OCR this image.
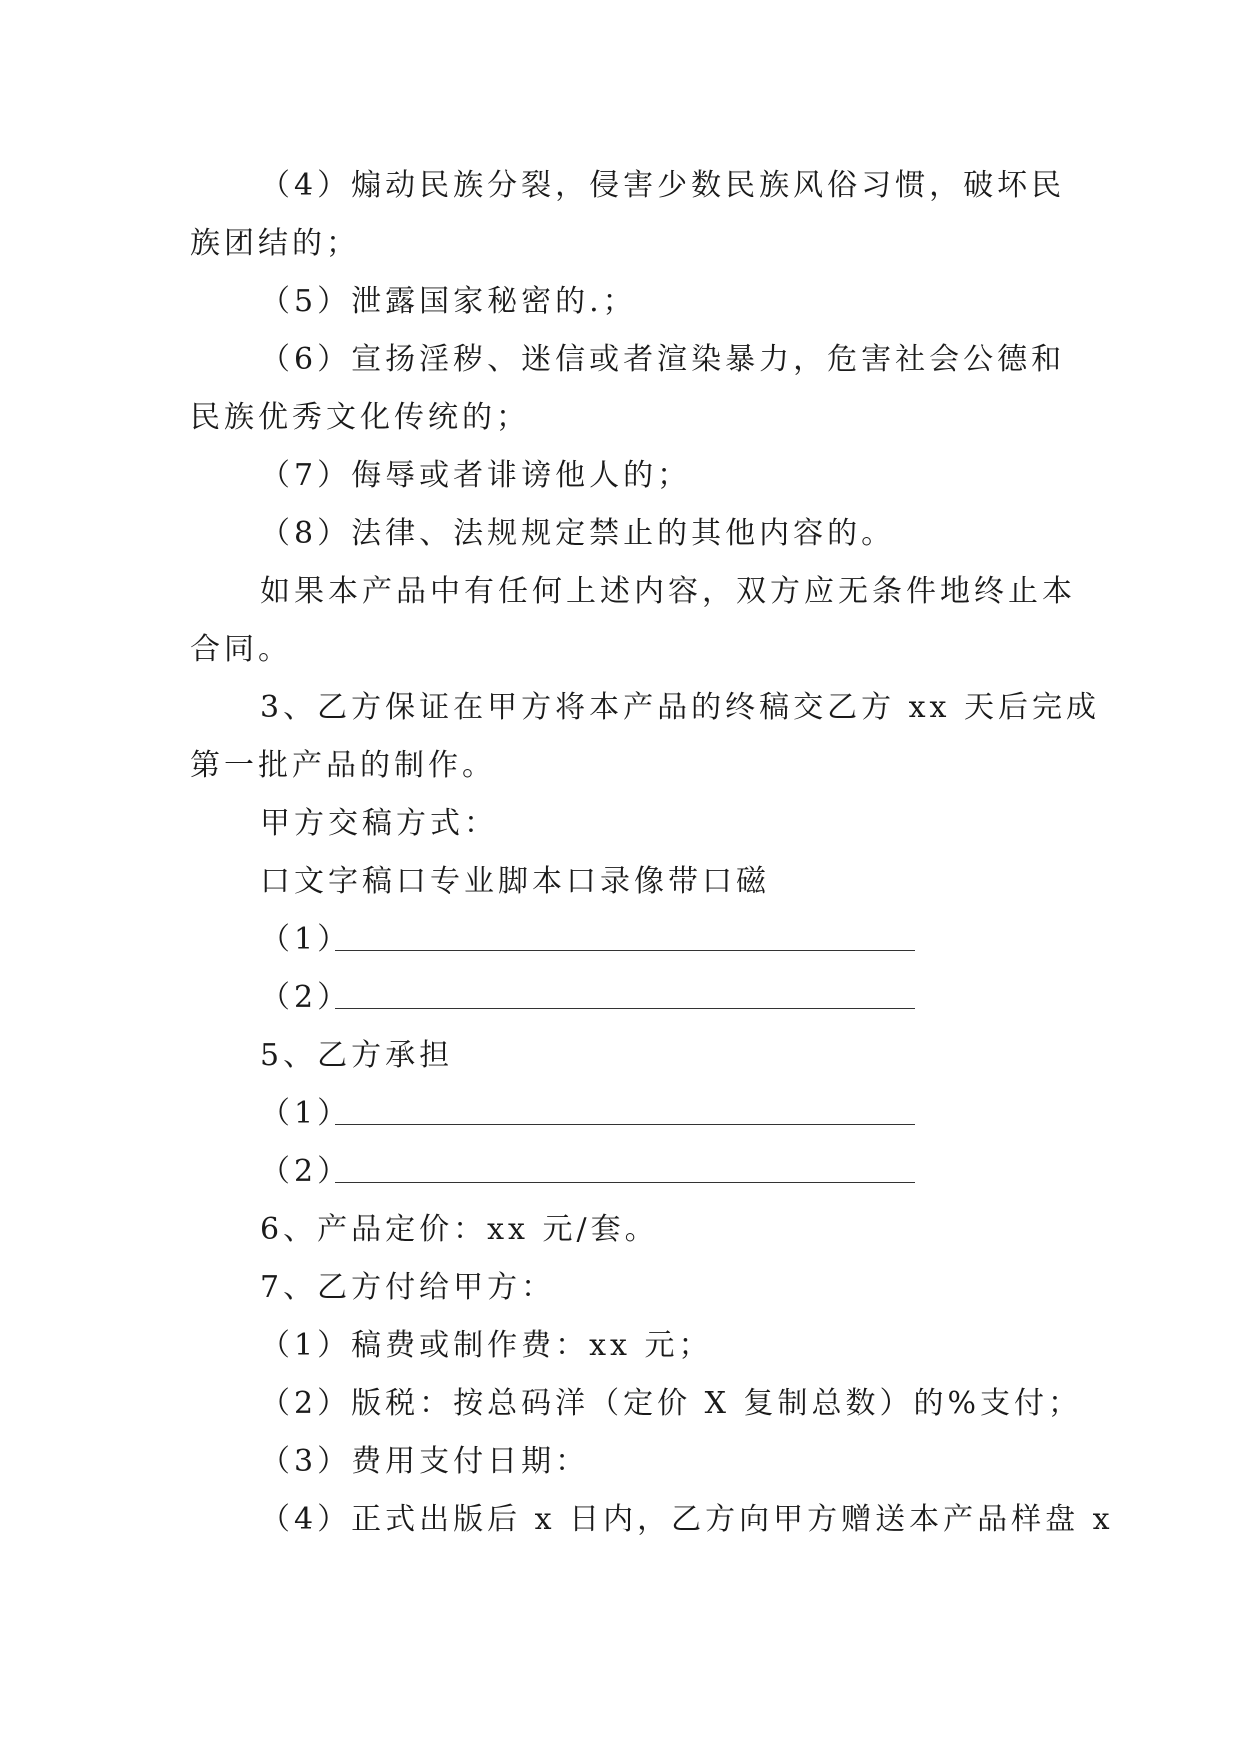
（4）煽动民族分裂，侵害少数民族风俗习惯，破坏民
族团结的；
（5）泄露国家秘密的.；
（6）宣扬淫秽、迷信或者渲染暴力，危害社会公德和
民族优秀文化传统的；
（7）侮辱或者诽谤他人的；
（8）法律、法规规定禁止的其他内容的。
如果本产品中有任何上述内容，双方应无条件地终止本
合同。
3、乙方保证在甲方将本产品的终稿交乙方 xx 天后完成
第一批产品的制作。
甲方交稿方式：
口文字稿口专业脚本口录像带口磁
（1）
（2）
5、乙方承担
（1）
（2）
6、产品定价：xx 元/套。
7、乙方付给甲方：
（1）稿费或制作费：xx 元；
（2）版税：按总码洋（定价 X 复制总数）的%支付；
（3）费用支付日期：
（4）正式出版后 x 日内，乙方向甲方赠送本产品样盘 x
